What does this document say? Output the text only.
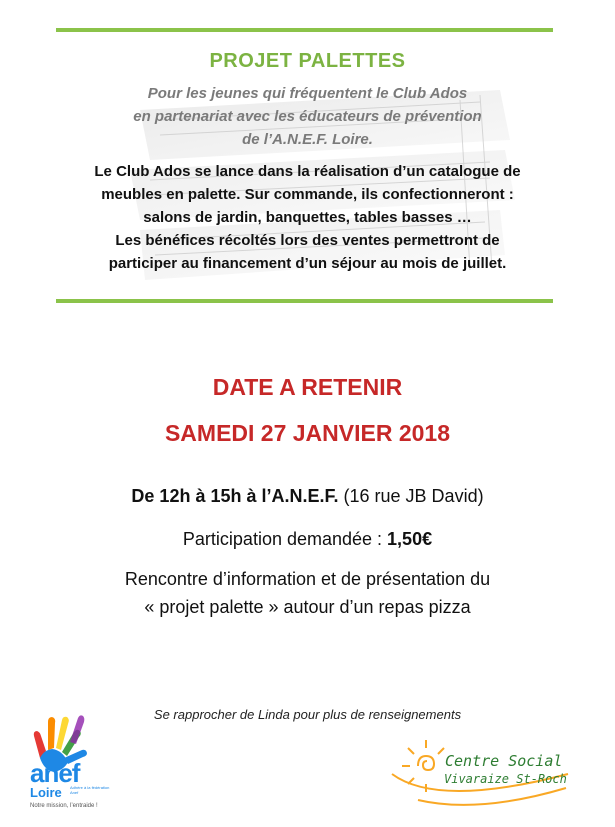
PROJET PALETTES
Pour les jeunes qui fréquentent le Club Ados
en partenariat avec les éducateurs de prévention
de l’A.N.E.F. Loire.
Le Club Ados se lance dans la réalisation d’un catalogue de
meubles en palette. Sur commande, ils confectionneront :
salons de jardin, banquettes, tables basses …
Les bénéfices récoltés lors des ventes permettront de
participer au financement d’un séjour au mois de juillet.
DATE A RETENIR
SAMEDI 27 JANVIER 2018
De 12h à 15h à l’A.N.E.F. (16 rue JB David)
Participation demandée : 1,50€
Rencontre d’information et de présentation du
« projet palette » autour d’un repas pizza
Se rapprocher de Linda pour plus de renseignements
anef
Loire Adhère à la fédération Anef
Notre mission, l’entraide !
Centre Social
Vivaraize St-Roch
